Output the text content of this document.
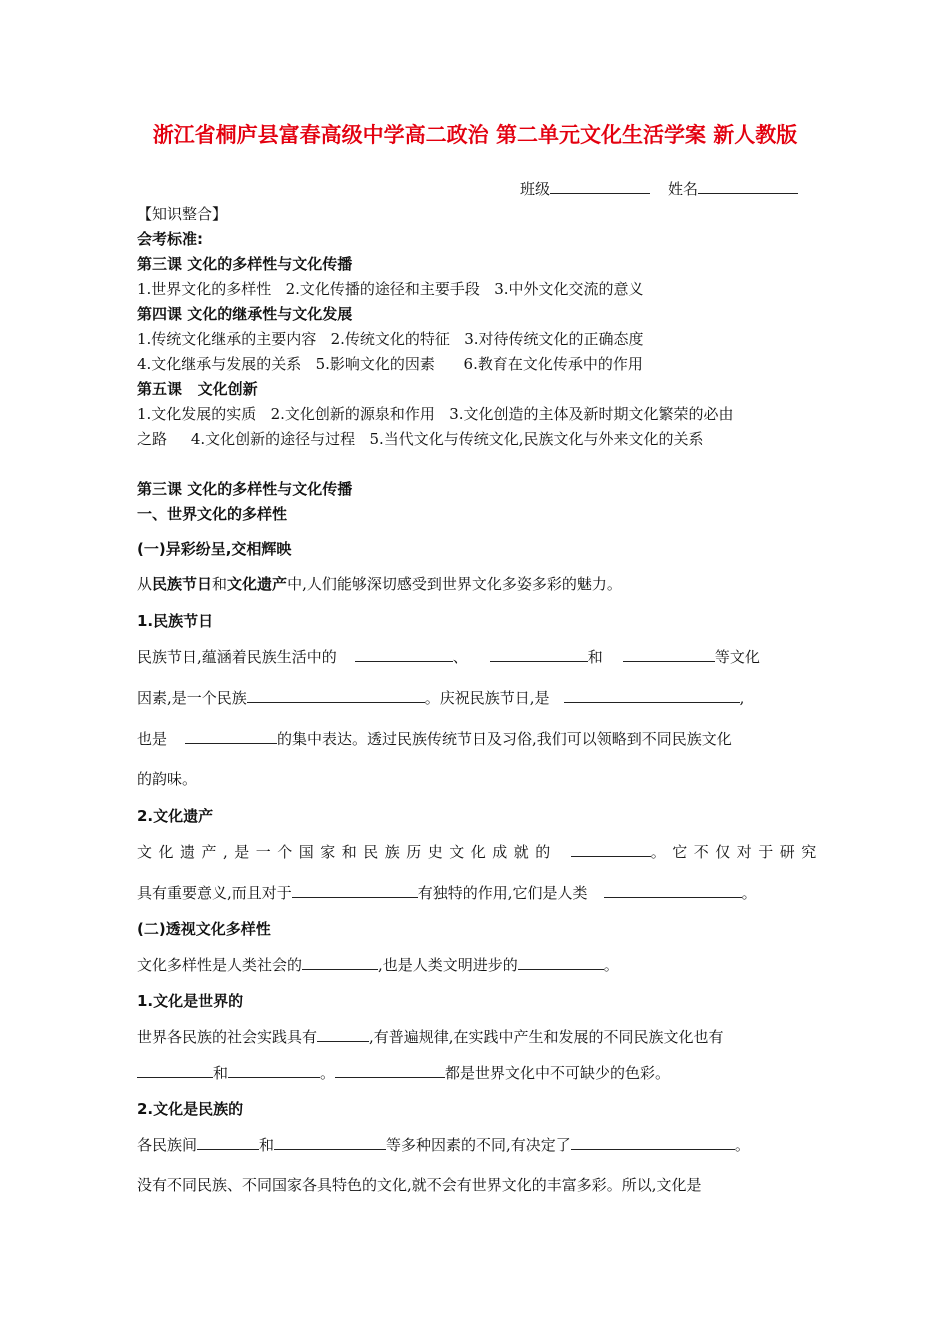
浙江省桐庐县富春高级中学高二政治 第二单元文化生活学案 新人教版
班级	姓名
【知识整合】
会考标准:
第三课 文化的多样性与文化传播
1.世界文化的多样性   2.文化传播的途径和主要手段   3.中外文化交流的意义
第四课 文化的继承性与文化发展
1.传统文化继承的主要内容   2.传统文化的特征   3.对待传统文化的正确态度
4.文化继承与发展的关系   5.影响文化的因素      6.教育在文化传承中的作用
第五课   文化创新
1.文化发展的实质   2.文化创新的源泉和作用   3.文化创造的主体及新时期文化繁荣的必由
之路     4.文化创新的途径与过程   5.当代文化与传统文化,民族文化与外来文化的关系
第三课 文化的多样性与文化传播
一、世界文化的多样性
(一)异彩纷呈,交相辉映
从民族节日和文化遗产中,人们能够深切感受到世界文化多姿多彩的魅力。
1.民族节日
民族节日,蕴涵着民族生活中的	、	和	等文化
因素,是一个民族	。庆祝民族节日,是	,
也是	的集中表达。透过民族传统节日及习俗,我们可以领略到不同民族文化
的韵味。
2.文化遗产
文化遗产,是一个国家和民族历史文化成就的	。它不仅对于研究
具有重要意义,而且对于	有独特的作用,它们是人类	。
(二)透视文化多样性
文化多样性是人类社会的	,也是人类文明进步的	。
1.文化是世界的
世界各民族的社会实践具有	,有普遍规律,在实践中产生和发展的不同民族文化也有
和	。	都是世界文化中不可缺少的色彩。
2.文化是民族的
各民族间	和	等多种因素的不同,有决定了	。
没有不同民族、不同国家各具特色的文化,就不会有世界文化的丰富多彩。所以,文化是
